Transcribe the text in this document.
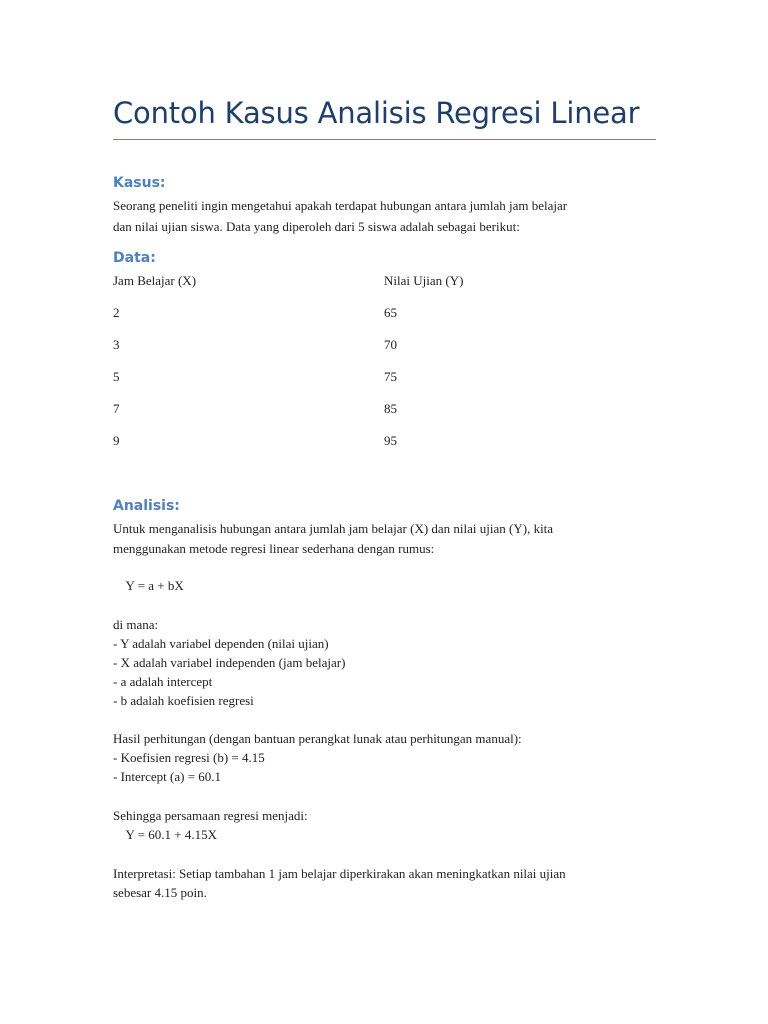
Contoh Kasus Analisis Regresi Linear
Kasus:
Seorang peneliti ingin mengetahui apakah terdapat hubungan antara jumlah jam belajar
dan nilai ujian siswa. Data yang diperoleh dari 5 siswa adalah sebagai berikut:
Data:
Jam Belajar (X)	Nilai Ujian (Y)
2	65
3	70
5	75
7	85
9	95
Analisis:
Untuk menganalisis hubungan antara jumlah jam belajar (X) dan nilai ujian (Y), kita
menggunakan metode regresi linear sederhana dengan rumus:
Y = a + bX
di mana:
- Y adalah variabel dependen (nilai ujian)
- X adalah variabel independen (jam belajar)
- a adalah intercept
- b adalah koefisien regresi
Hasil perhitungan (dengan bantuan perangkat lunak atau perhitungan manual):
- Koefisien regresi (b) = 4.15
- Intercept (a) = 60.1
Sehingga persamaan regresi menjadi:
Y = 60.1 + 4.15X
Interpretasi: Setiap tambahan 1 jam belajar diperkirakan akan meningkatkan nilai ujian
sebesar 4.15 poin.
